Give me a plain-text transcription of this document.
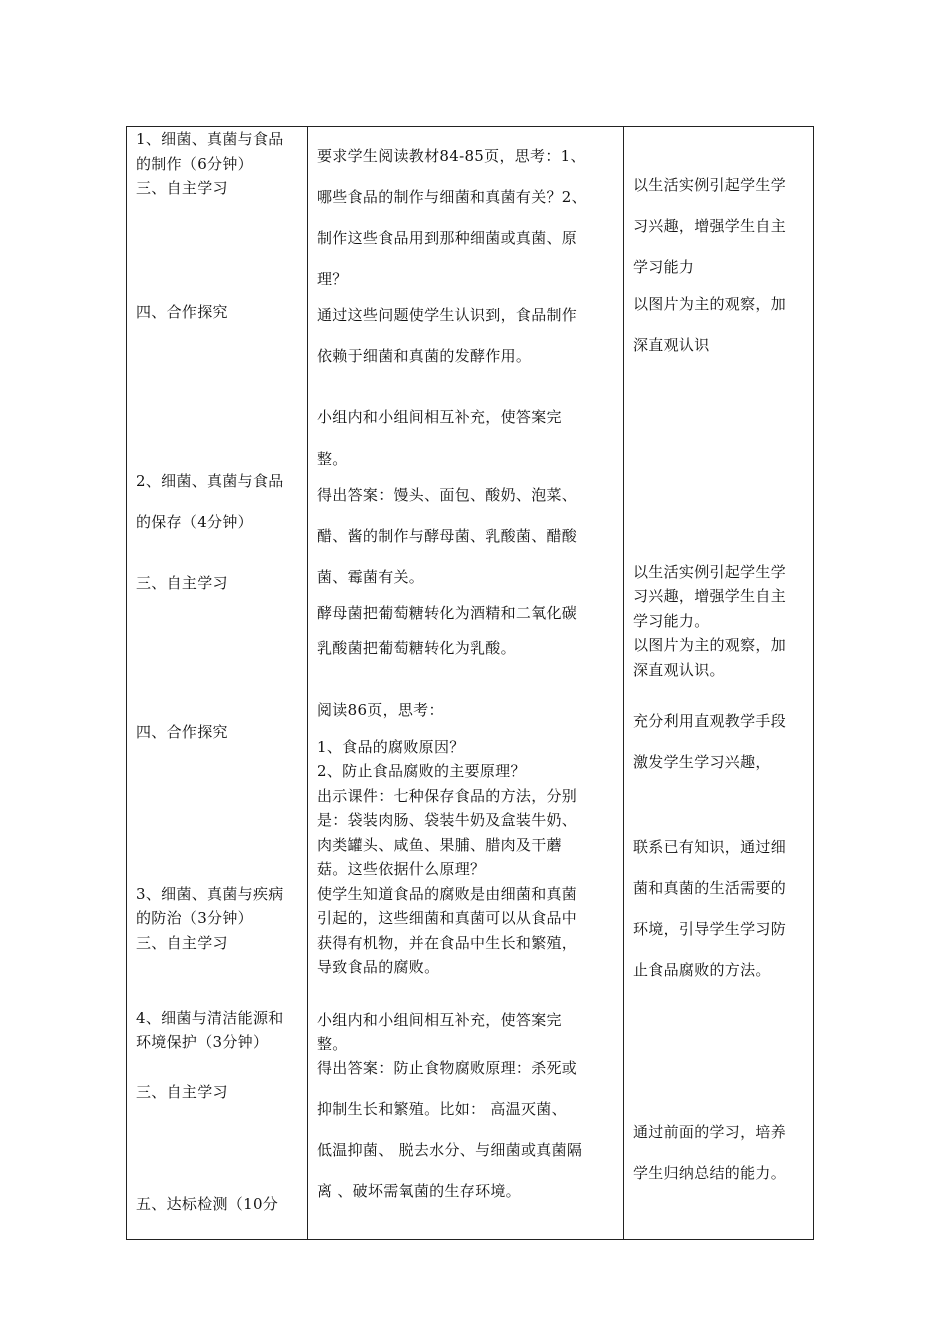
1、细菌、真菌与食品
的制作（6分钟）
三、自主学习
四、合作探究
2、细菌、真菌与食品
的保存（4分钟）
三、自主学习
四、合作探究
3、细菌、真菌与疾病
的防治（3分钟）
三、自主学习
4、细菌与清洁能源和
环境保护（3分钟）
三、自主学习
五、达标检测（10分
要求学生阅读教材84-85页，思考：1、
哪些食品的制作与细菌和真菌有关？2、
制作这些食品用到那种细菌或真菌、原
理？
通过这些问题使学生认识到，食品制作
依赖于细菌和真菌的发酵作用。
小组内和小组间相互补充，使答案完
整。
得出答案：馒头、面包、酸奶、泡菜、
醋、酱的制作与酵母菌、乳酸菌、醋酸
菌、霉菌有关。
酵母菌把葡萄糖转化为酒精和二氧化碳
乳酸菌把葡萄糖转化为乳酸。
阅读86页，思考：
1、食品的腐败原因？
2、防止食品腐败的主要原理？
出示课件：七种保存食品的方法，分别
是：袋装肉肠、袋装牛奶及盒装牛奶、
肉类罐头、咸鱼、果脯、腊肉及干蘑
菇。这些依据什么原理？
使学生知道食品的腐败是由细菌和真菌
引起的，这些细菌和真菌可以从食品中
获得有机物，并在食品中生长和繁殖，
导致食品的腐败。
小组内和小组间相互补充，使答案完
整。
得出答案：防止食物腐败原理：杀死或
抑制生长和繁殖。比如： 高温灭菌、
低温抑菌、 脱去水分、与细菌或真菌隔
离 、破坏需氧菌的生存环境。
以生活实例引起学生学
习兴趣，增强学生自主
学习能力
以图片为主的观察，加
深直观认识
以生活实例引起学生学
习兴趣，增强学生自主
学习能力。
以图片为主的观察，加
深直观认识。
充分利用直观教学手段
激发学生学习兴趣，
联系已有知识，通过细
菌和真菌的生活需要的
环境，引导学生学习防
止食品腐败的方法。
通过前面的学习，培养
学生归纳总结的能力。
